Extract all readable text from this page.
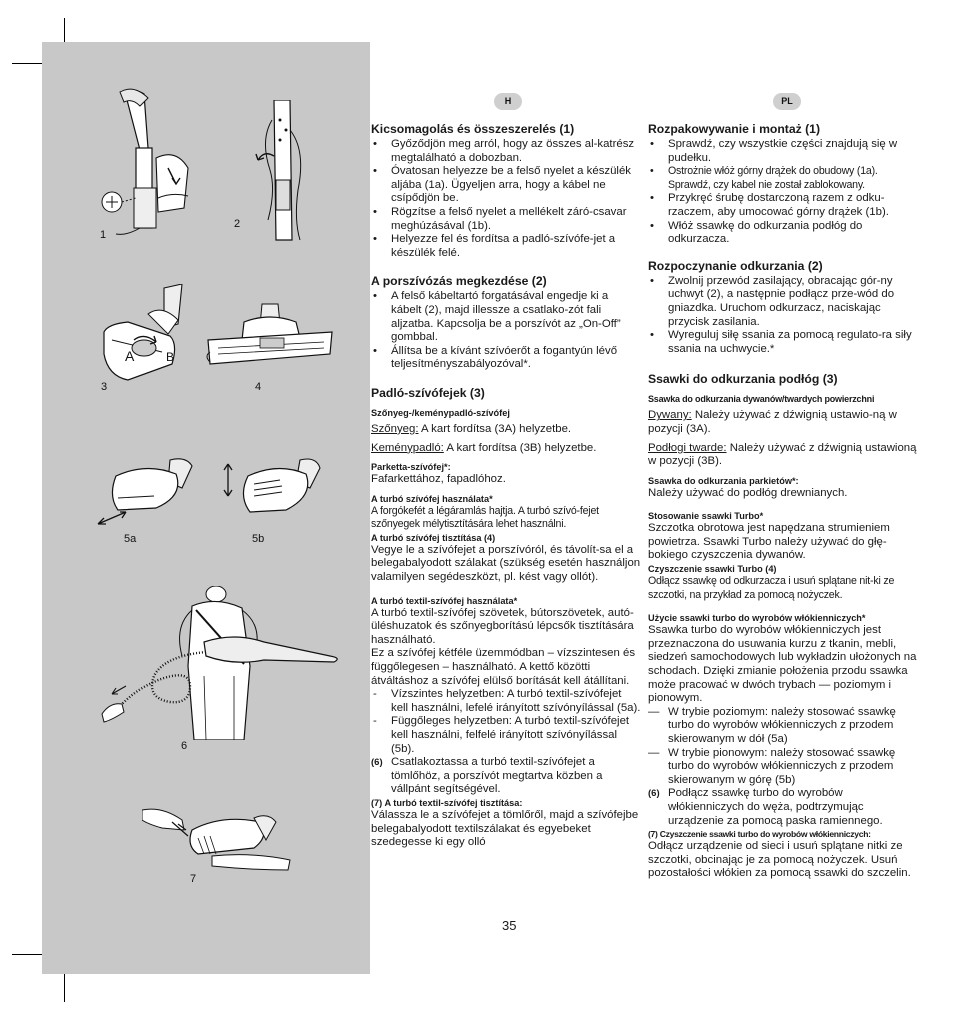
1
2
A	B
3	4
5a	5b
6
7
H	PL
Kicsomagolás és összeszerelés (1)
• Győződjön meg arról, hogy az összes al-katrész megtalálható a dobozban.
• Óvatosan helyezze be a felső nyelet a készülék aljába (1a). Ügyeljen arra, hogy a kábel ne csípődjön be.
• Rögzítse a felső nyelet a mellékelt záró-csavar meghúzásával (1b).
• Helyezze fel és fordítsa a padló-szívófe-jet a készülék felé.
A porszívózás megkezdése (2)
• A felső kábeltartó forgatásával engedje ki a kábelt (2), majd illessze a csatlako-zót fali aljzatba. Kapcsolja be a porszívót az „On-Off” gombbal.
• Állítsa be a kívánt szívóerőt a fogantyún lévő teljesítményszabályozóval*.
Padló-szívófejek (3)
Szőnyeg-/keménypadló-szívófej

Szőnyeg: A kart fordítsa (3A) helyzetbe.

Keménypadló: A kart fordítsa (3B) helyzetbe.

Parketta-szívófej*:

Fafarkettához, fapadlóhoz.

A turbó szívófej használata*

A forgókefét a légáramlás hajtja. A turbó szívó-fejet szőnyegek mélytisztítására lehet használni.

A turbó szívófej tisztítása (4)

Vegye le a szívófejet a porszívóról, és távolít-sa el a belegabalyodott szálakat (szükség esetén használjon valamilyen segédeszközt, pl. kést vagy ollót).

A turbó textil-szívófej használata*

A turbó textil-szívófej szövetek, bútorszövetek, autó-üléshuzatok és szőnyegborítású lépcsők tisztítására használható.

Ez a szívófej kétféle üzemmódban – vízszintesen és függőlegesen – használható. A kettő közötti átváltáshoz a szívófej elülső borítását kell átállítani.

- Vízszintes helyzetben: A turbó textil-szívófejet kell használni, lefelé irányított szívónyílással (5a).
- Függőleges helyzetben: A turbó textil-szívófejet kell használni, felfelé irányított szívónyílással (5b).
(6) Csatlakoztassa a turbó textil-szívófejet a tömlőhöz, a porszívót megtartva közben a vállpánt segítségével.
(7) A turbó textil-szívófej tisztítása:

Válassza le a szívófejet a tömlőről, majd a szívófejbe belegabalyodott textilszálakat és egyebeket szedegesse ki egy olló

Rozpakowywanie i montaż (1)
• Sprawdź, czy wszystkie części znajdują się w pudełku.
• Ostrożnie włóż górny drążek do obudowy (1a). Sprawdź, czy kabel nie został zablokowany.
• Przykręć śrubę dostarczoną razem z odku-rzaczem, aby umocować górny drążek (1b).
• Włóż ssawkę do odkurzania podłóg do odkurzacza.
Rozpoczynanie odkurzania (2)
• Zwolnij przewód zasilający, obracając gór-ny uchwyt (2), a następnie podłącz prze-wód do gniazdka. Uruchom odkurzacz, naciskając przycisk zasilania.
• Wyreguluj siłę ssania za pomocą regulato-ra siły ssania na uchwycie.*
Ssawki do odkurzania podłóg (3)
Ssawka do odkurzania dywanów/twardych powierzchni

Dywany: Należy używać z dźwignią ustawio-ną w pozycji (3A).

Podłogi twarde: Należy używać z dźwignią ustawioną w pozycji (3B).

Ssawka do odkurzania parkietów*:

Należy używać do podłóg drewnianych.

Stosowanie ssawki Turbo*

Szczotka obrotowa jest napędzana strumieniem powietrza. Ssawki Turbo należy używać do głę-bokiego czyszczenia dywanów.

Czyszczenie ssawki Turbo (4)

Odłącz ssawkę od odkurzacza i usuń splątane nit-ki ze szczotki, na przykład za pomocą nożyczek.

Użycie ssawki turbo do wyrobów włókienniczych*

Ssawka turbo do wyrobów włókienniczych jest przeznaczona do usuwania kurzu z tkanin, mebli, siedzeń samochodowych lub wykładzin ułożonych na schodach. Dzięki zmianie położenia przodu ssawka może pracować w dwóch trybach — poziomym i pionowym.

— W trybie poziomym: należy stosować ssawkę turbo do wyrobów włókienniczych z przodem skierowanym w dół (5a)
— W trybie pionowym: należy stosować ssawkę turbo do wyrobów włókienniczych z przodem skierowanym w górę (5b)
(6) Podłącz ssawkę turbo do wyrobów włókienniczych do węża, podtrzymując urządzenie za pomocą paska ramiennego.
(7) Czyszczenie ssawki turbo do wyrobów włókienniczych:

Odłącz urządzenie od sieci i usuń splątane nitki ze szczotki, obcinając je za pomocą nożyczek. Usuń pozostałości włókien za pomocą ssawki do szczelin.

35
